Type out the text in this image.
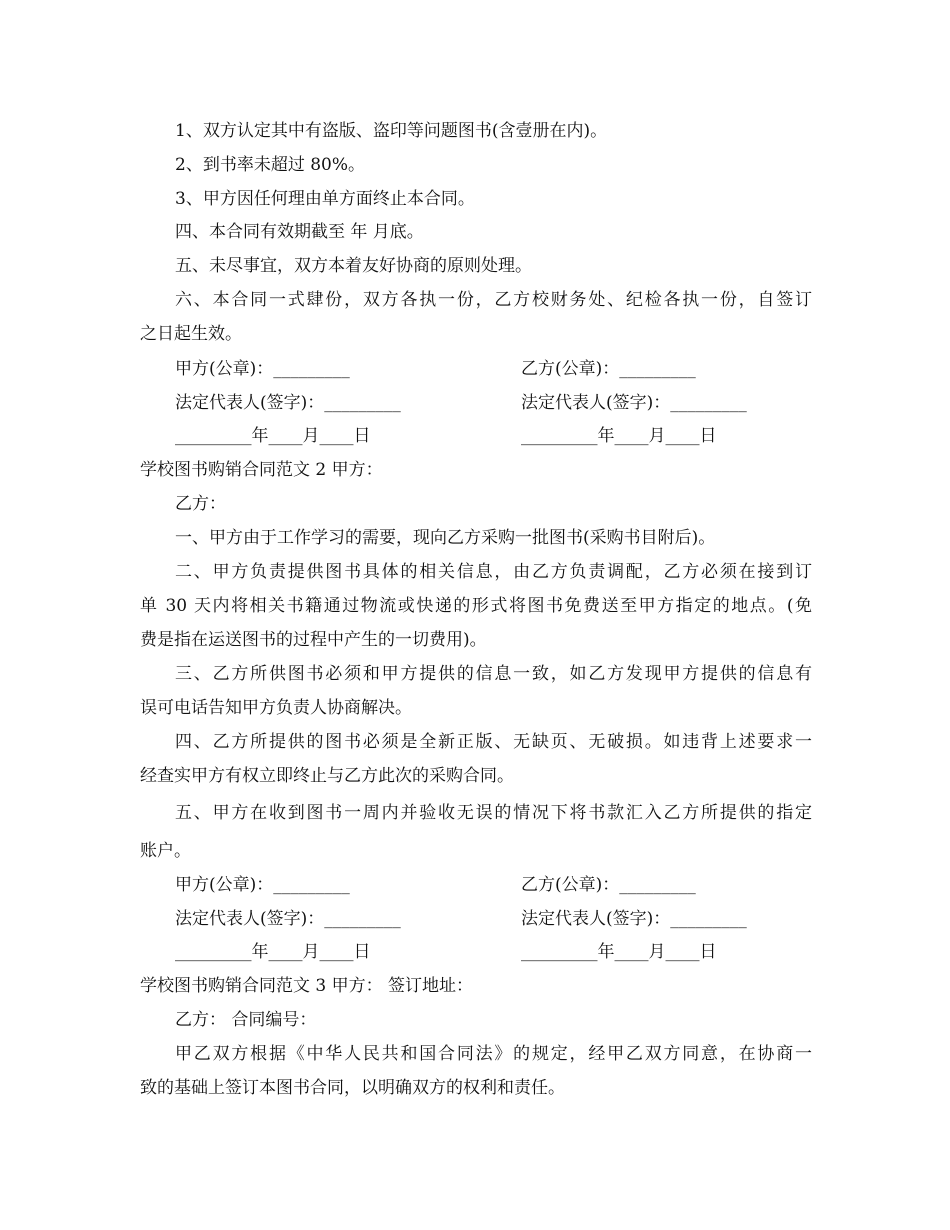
1、双方认定其中有盗版、盗印等问题图书(含壹册在内)。
2、到书率未超过 80%。
3、甲方因任何理由单方面终止本合同。
四、本合同有效期截至 年 月底。
五、未尽事宜，双方本着友好协商的原则处理。
六、本合同一式肆份，双方各执一份，乙方校财务处、纪检各执一份，自签订
之日起生效。
甲方(公章)：_________	乙方(公章)：_________
法定代表人(签字)：_________	法定代表人(签字)：_________
_________年____月____日	_________年____月____日
学校图书购销合同范文 2 甲方：
乙方：
一、甲方由于工作学习的需要，现向乙方采购一批图书(采购书目附后)。
二、甲方负责提供图书具体的相关信息，由乙方负责调配，乙方必须在接到订
单 30 天内将相关书籍通过物流或快递的形式将图书免费送至甲方指定的地点。(免
费是指在运送图书的过程中产生的一切费用)。
三、乙方所供图书必须和甲方提供的信息一致，如乙方发现甲方提供的信息有
误可电话告知甲方负责人协商解决。
四、乙方所提供的图书必须是全新正版、无缺页、无破损。如违背上述要求一
经查实甲方有权立即终止与乙方此次的采购合同。
五、甲方在收到图书一周内并验收无误的情况下将书款汇入乙方所提供的指定
账户。
甲方(公章)：_________	乙方(公章)：_________
法定代表人(签字)：_________	法定代表人(签字)：_________
_________年____月____日	_________年____月____日
学校图书购销合同范文 3 甲方： 签订地址：
乙方： 合同编号：
甲乙双方根据《中华人民共和国合同法》的规定，经甲乙双方同意，在协商一
致的基础上签订本图书合同，以明确双方的权利和责任。
